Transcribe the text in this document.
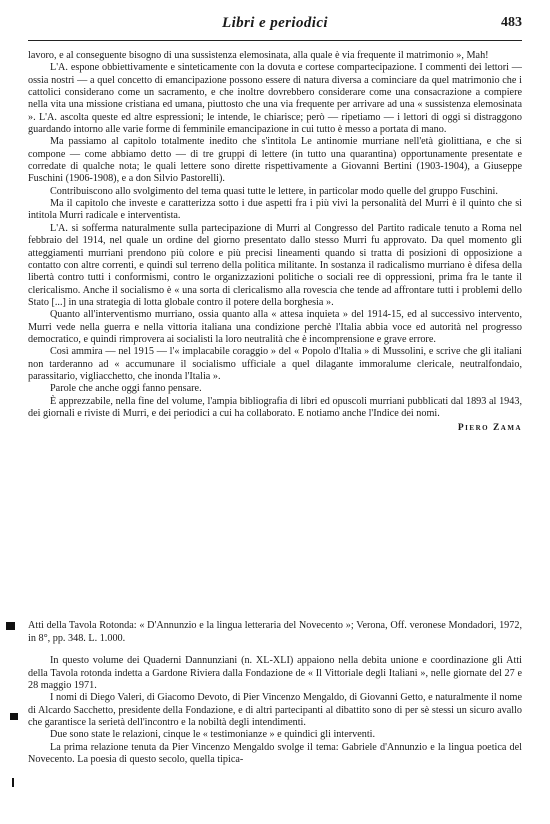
Libri e periodici	483

lavoro, e al conseguente bisogno di una sussistenza elemosinata, alla quale è via frequente il matrimonio », Mah!

L'A. espone obbiettivamente e sinteticamente con la dovuta e cortese compartecipazione. I commenti dei lettori — ossia nostri — a quel concetto di emancipazione possono essere di natura diversa a cominciare da quel matrimonio che i cattolici considerano come un sacramento, e che inoltre dovrebbero considerare come una consacrazione a compiere nella vita una missione cristiana ed umana, piuttosto che una via frequente per arrivare ad una « sussistenza elemosinata ». L'A. ascolta queste ed altre espressioni; le intende, le chiarisce; però — ripetiamo — i lettori di oggi si distraggono guardando intorno alle varie forme di femminile emancipazione in cui tutto è messo a portata di mano.

Ma passiamo al capitolo totalmente inedito che s'intitola Le antinomie murriane nell'età giolittiana, e che si compone — come abbiamo detto — di tre gruppi di lettere (in tutto una quarantina) opportunamente presentate e corredate di qualche nota; le quali lettere sono dirette rispettivamente a Giovanni Bertini (1903-1904), a Giuseppe Fuschini (1906-1908), e a don Silvio Pastorelli).

Contribuiscono allo svolgimento del tema quasi tutte le lettere, in particolar modo quelle del gruppo Fuschini.

Ma il capitolo che investe e caratterizza sotto i due aspetti fra i più vivi la personalità del Murri è il quinto che si intitola Murri radicale e interventista.

L'A. si sofferma naturalmente sulla partecipazione di Murri al Congresso del Partito radicale tenuto a Roma nel febbraio del 1914, nel quale un ordine del giorno presentato dallo stesso Murri fu approvato. Da quel momento gli atteggiamenti murriani prendono più colore e più precisi lineamenti quando si tratta di posizioni di opposizione a contatto con altre correnti, e quindi sul terreno della politica militante. In sostanza il radicalismo murriano è difesa della libertà contro tutti i conformismi, contro le organizzazioni politiche o sociali ree di oppressioni, prima fra le tante il clericalismo. Anche il socialismo è « una sorta di clericalismo alla rovescia che tende ad affrontare tutti i problemi dello Stato [...] in una strategia di lotta globale contro il potere della borghesia ».

Quanto all'interventismo murriano, ossia quanto alla « attesa inquieta » del 1914-15, ed al successivo intervento, Murri vede nella guerra e nella vittoria italiana una condizione perchè l'Italia abbia voce ed autorità nel progresso democratico, e quindi rimprovera ai socialisti la loro neutralità che è incomprensione e grave errore.

Così ammira — nel 1915 — l'« implacabile coraggio » del « Popolo d'Italia » di Mussolini, e scrive che gli italiani non tarderanno ad « accumunare il socialismo ufficiale a quel dilagante immoralume clericale, neutralfondaio, parassitario, vigliacchetto, che inonda l'Italia ».

Parole che anche oggi fanno pensare.

È apprezzabile, nella fine del volume, l'ampia bibliografia di libri ed opuscoli murriani pubblicati dal 1893 al 1943, dei giornali e riviste di Murri, e dei periodici a cui ha collaborato. E notiamo anche l'Indice dei nomi.

Piero Zama
Atti della Tavola Rotonda: « D'Annunzio e la lingua letteraria del Novecento »; Verona, Off. veronese Mondadori, 1972, in 8°, pp. 348. L. 1.000.

In questo volume dei Quaderni Dannunziani (n. XL-XLI) appaiono nella debita unione e coordinazione gli Atti della Tavola rotonda indetta a Gardone Riviera dalla Fondazione de « Il Vittoriale degli Italiani », nelle giornate del 27 e 28 maggio 1971.

I nomi di Diego Valeri, di Giacomo Devoto, di Pier Vincenzo Mengaldo, di Giovanni Getto, e naturalmente il nome di Alcardo Sacchetto, presidente della Fondazione, e di altri partecipanti al dibattito sono di per sè stessi un sicuro avallo che garantisce la serietà dell'incontro e la nobiltà degli intendimenti.

Due sono state le relazioni, cinque le « testimonianze » e quindici gli interventi.

La prima relazione tenuta da Pier Vincenzo Mengaldo svolge il tema: Gabriele d'Annunzio e la lingua poetica del Novecento. La poesia di questo secolo, quella tipica-
